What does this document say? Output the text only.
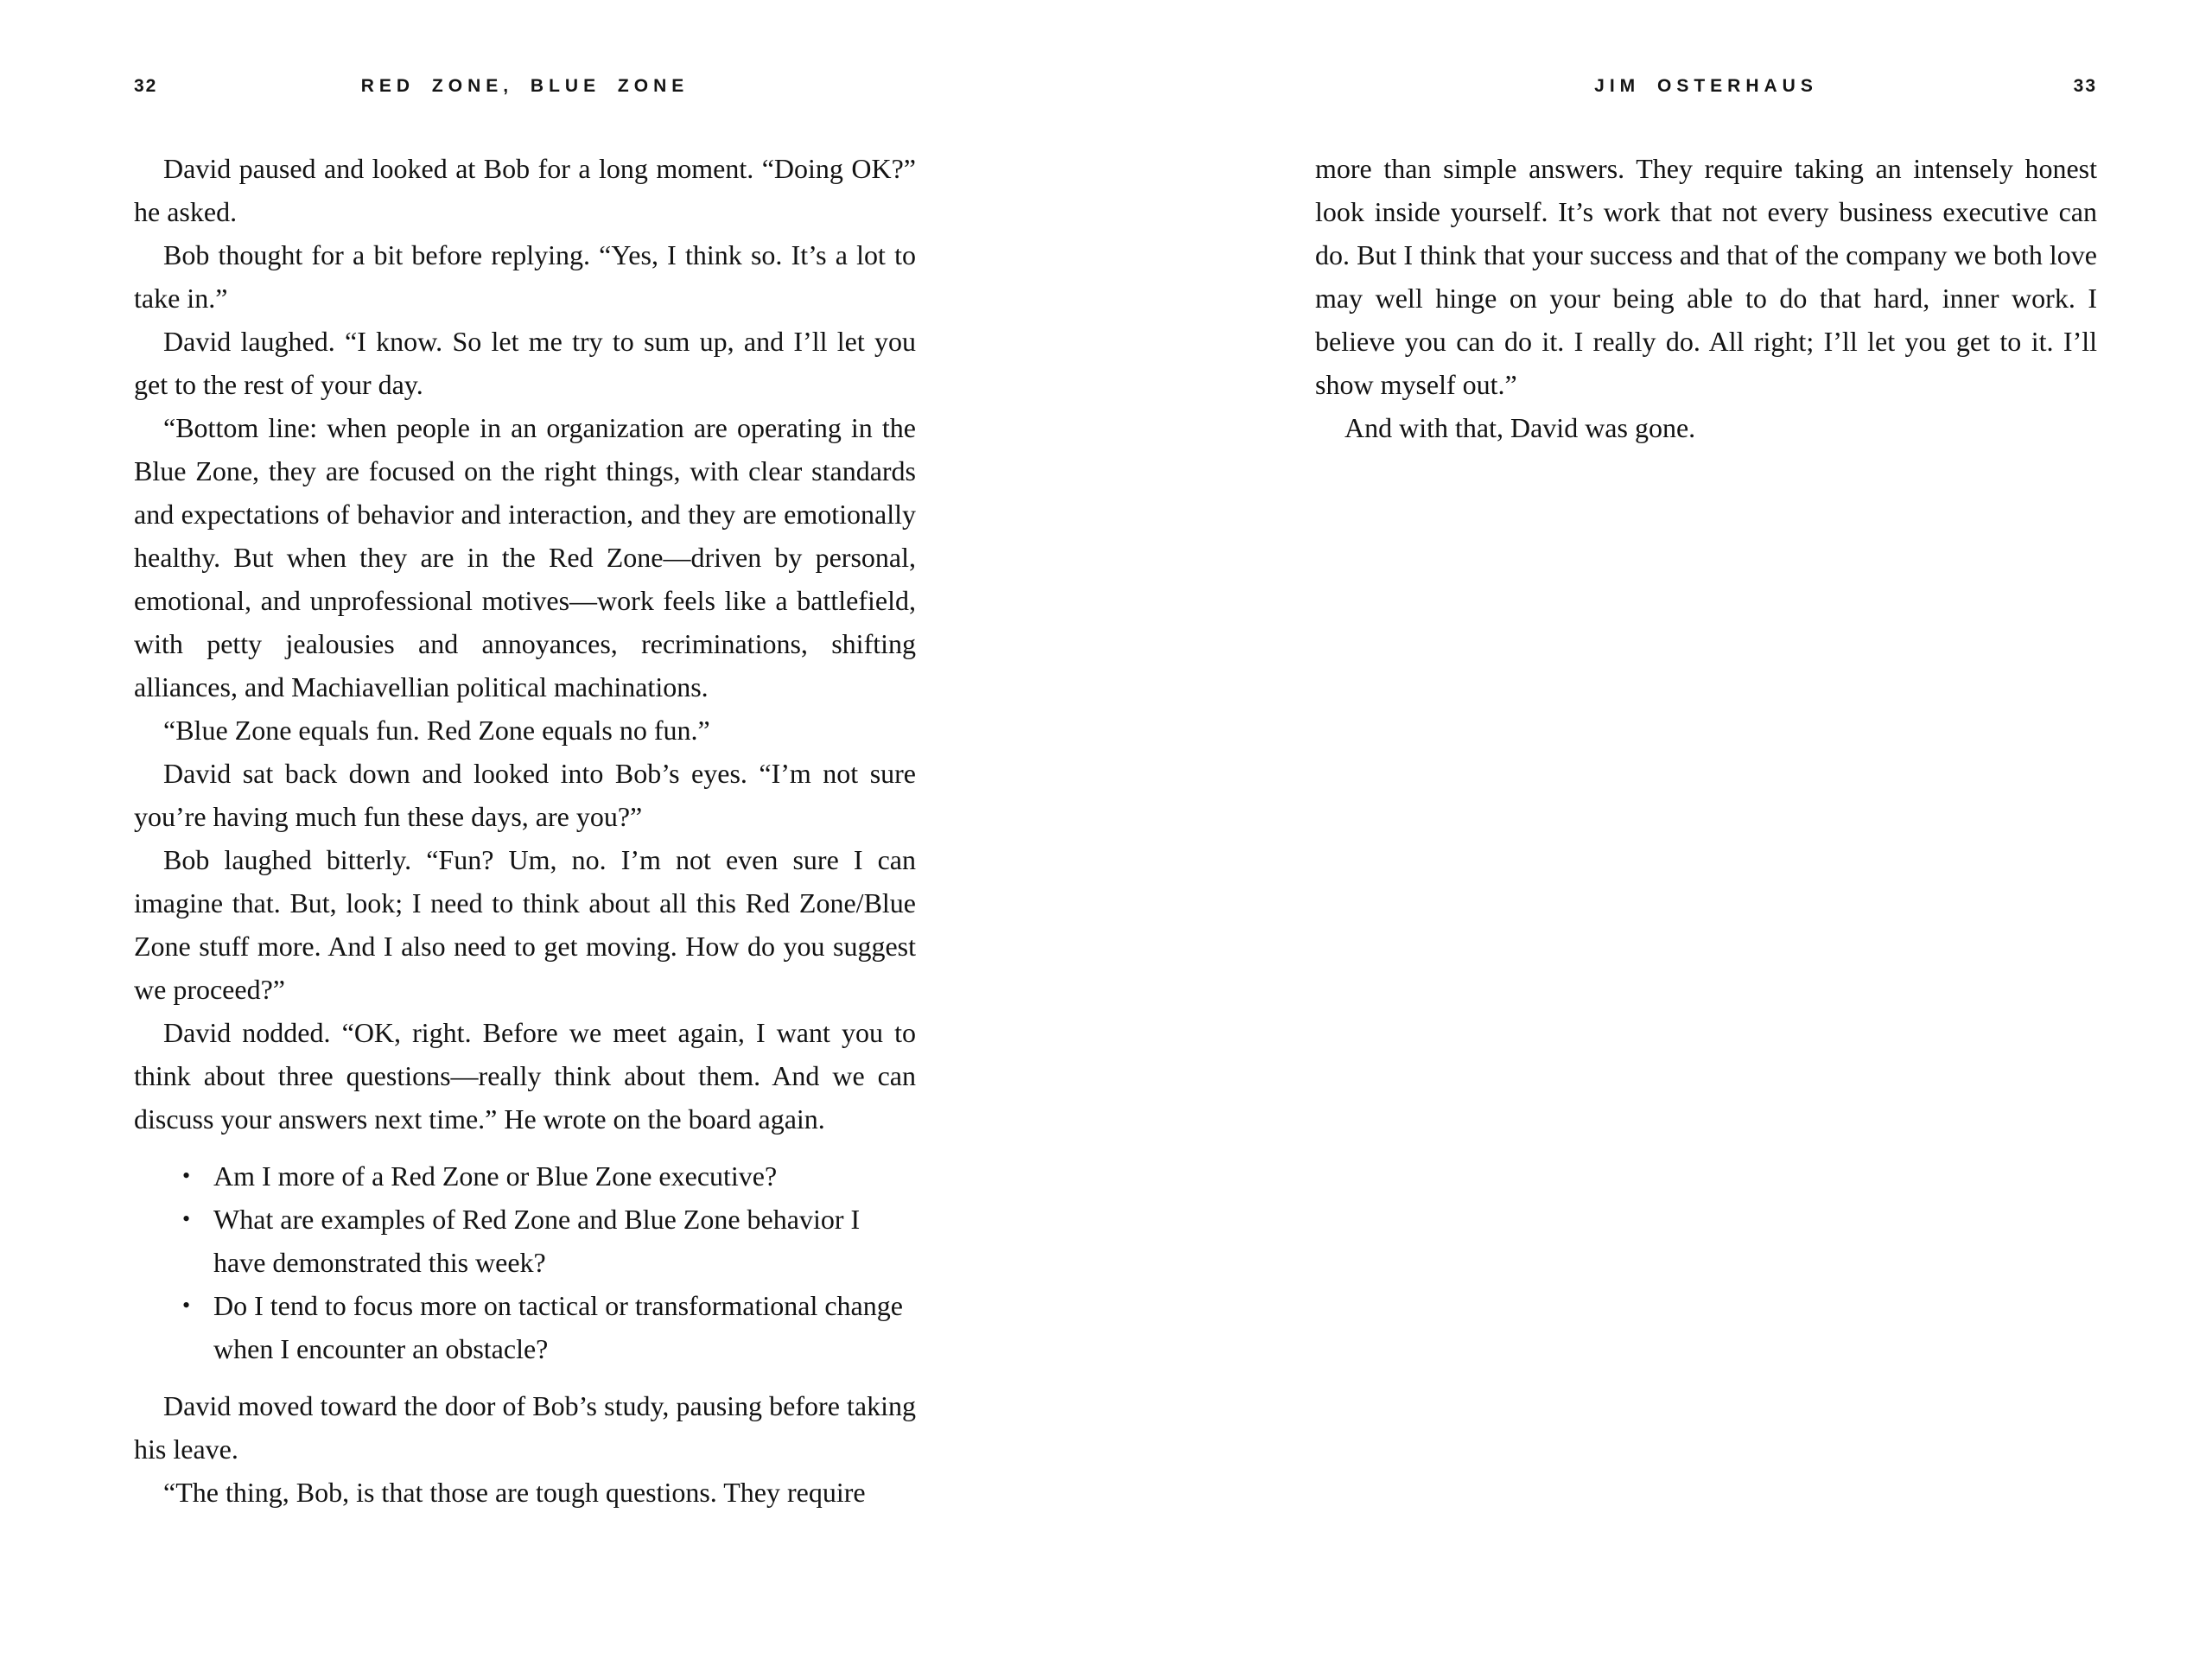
32	RED ZONE, BLUE ZONE

David paused and looked at Bob for a long moment. “Doing OK?” he asked.

Bob thought for a bit before replying. “Yes, I think so. It’s a lot to take in.”

David laughed. “I know. So let me try to sum up, and I’ll let you get to the rest of your day.

“Bottom line: when people in an organization are operating in the Blue Zone, they are focused on the right things, with clear standards and expectations of behavior and interaction, and they are emotionally healthy. But when they are in the Red Zone—driven by personal, emotional, and unprofessional motives—work feels like a battlefield, with petty jealousies and annoyances, recriminations, shifting alliances, and Machiavellian political machinations.

“Blue Zone equals fun. Red Zone equals no fun.”

David sat back down and looked into Bob’s eyes. “I’m not sure you’re having much fun these days, are you?”

Bob laughed bitterly. “Fun? Um, no. I’m not even sure I can imagine that. But, look; I need to think about all this Red Zone/Blue Zone stuff more. And I also need to get moving. How do you suggest we proceed?”

David nodded. “OK, right. Before we meet again, I want you to think about three questions—really think about them. And we can discuss your answers next time.” He wrote on the board again.

• Am I more of a Red Zone or Blue Zone executive?
• What are examples of Red Zone and Blue Zone behavior I have demonstrated this week?
• Do I tend to focus more on tactical or transformational change when I encounter an obstacle?

David moved toward the door of Bob’s study, pausing before taking his leave.

“The thing, Bob, is that those are tough questions. They require

JIM OSTERHAUS	33

more than simple answers. They require taking an intensely honest look inside yourself. It’s work that not every business executive can do. But I think that your success and that of the company we both love may well hinge on your being able to do that hard, inner work. I believe you can do it. I really do. All right; I’ll let you get to it. I’ll show myself out.”

And with that, David was gone.
